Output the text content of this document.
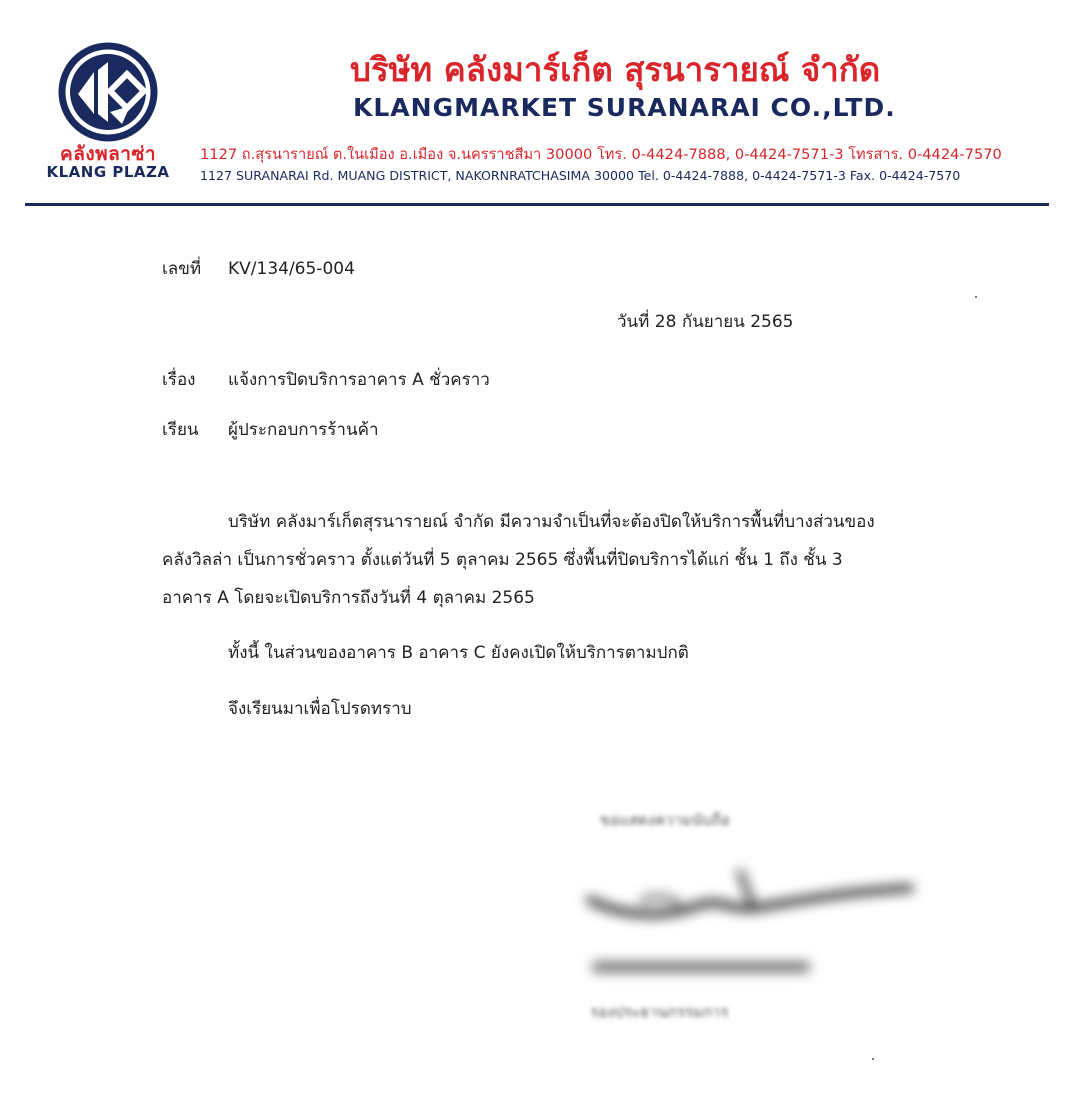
คลังพลาซ่า
KLANG PLAZA
บริษัท คลังมาร์เก็ต สุรนารายณ์ จำกัด
KLANGMARKET SURANARAI CO.,LTD.
1127 ถ.สุรนารายณ์ ต.ในเมือง อ.เมือง จ.นครราชสีมา 30000 โทร. 0-4424-7888, 0-4424-7571-3 โทรสาร. 0-4424-7570
1127 SURANARAI Rd. MUANG DISTRICT, NAKORNRATCHASIMA 30000 Tel. 0-4424-7888, 0-4424-7571-3 Fax. 0-4424-7570
เลขที่ KV/134/65-004
วันที่ 28 กันยายน 2565
เรื่อง แจ้งการปิดบริการอาคาร A ชั่วคราว
เรียน ผู้ประกอบการร้านค้า
บริษัท คลังมาร์เก็ตสุรนารายณ์ จำกัด มีความจำเป็นที่จะต้องปิดให้บริการพื้นที่บางส่วนของ
คลังวิลล่า เป็นการชั่วคราว ตั้งแต่วันที่ 5 ตุลาคม 2565 ซึ่งพื้นที่ปิดบริการได้แก่ ชั้น 1 ถึง ชั้น 3
อาคาร A โดยจะเปิดบริการถึงวันที่ 4 ตุลาคม 2565
ทั้งนี้ ในส่วนของอาคาร B อาคาร C ยังคงเปิดให้บริการตามปกติ
จึงเรียนมาเพื่อโปรดทราบ
ขอแสดงความนับถือ
รองประธานกรรมการ
